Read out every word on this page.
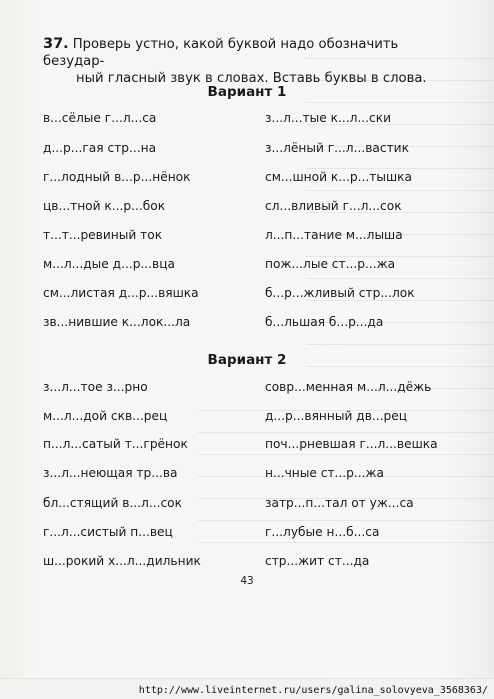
37. Проверь устно, какой буквой надо обозначить безудар-
ный гласный звук в словах. Вставь буквы в слова.
Вариант 1
в...сёлые г...л...са
д...р...гая стр...на
г...лодный в...р...нёнок
цв...тной к...р...бок
т...т...ревиный ток
м...л...дые д...р...вца
см...листая д...р...вяшка
зв...нившие к...лок...ла
з...л...тые к...л...ски
з...лёный г...л...вастик
см...шной к...р...тышка
сл...вливый г...л...сок
л...п...тание м...лыша
пож...лые ст...р...жа
б...р...жливый стр...лок
б...льшая б...р...да
Вариант 2
з...л...тое з...рно
м...л...дой скв...рец
п...л...сатый т...грёнок
з...л...неющая тр...ва
бл...стящий в...л...сок
г...л...систый п...вец
ш...рокий х...л...дильник
совр...менная м...л...дёжь
д...р...вянный дв...рец
поч...рневшая г...л...вешка
н...чные ст...р...жа
затр...п...тал от уж...са
г...лубые н...б...са
стр...жит ст...да
43
http://www.liveinternet.ru/users/galina_solovyeva_3568363/
